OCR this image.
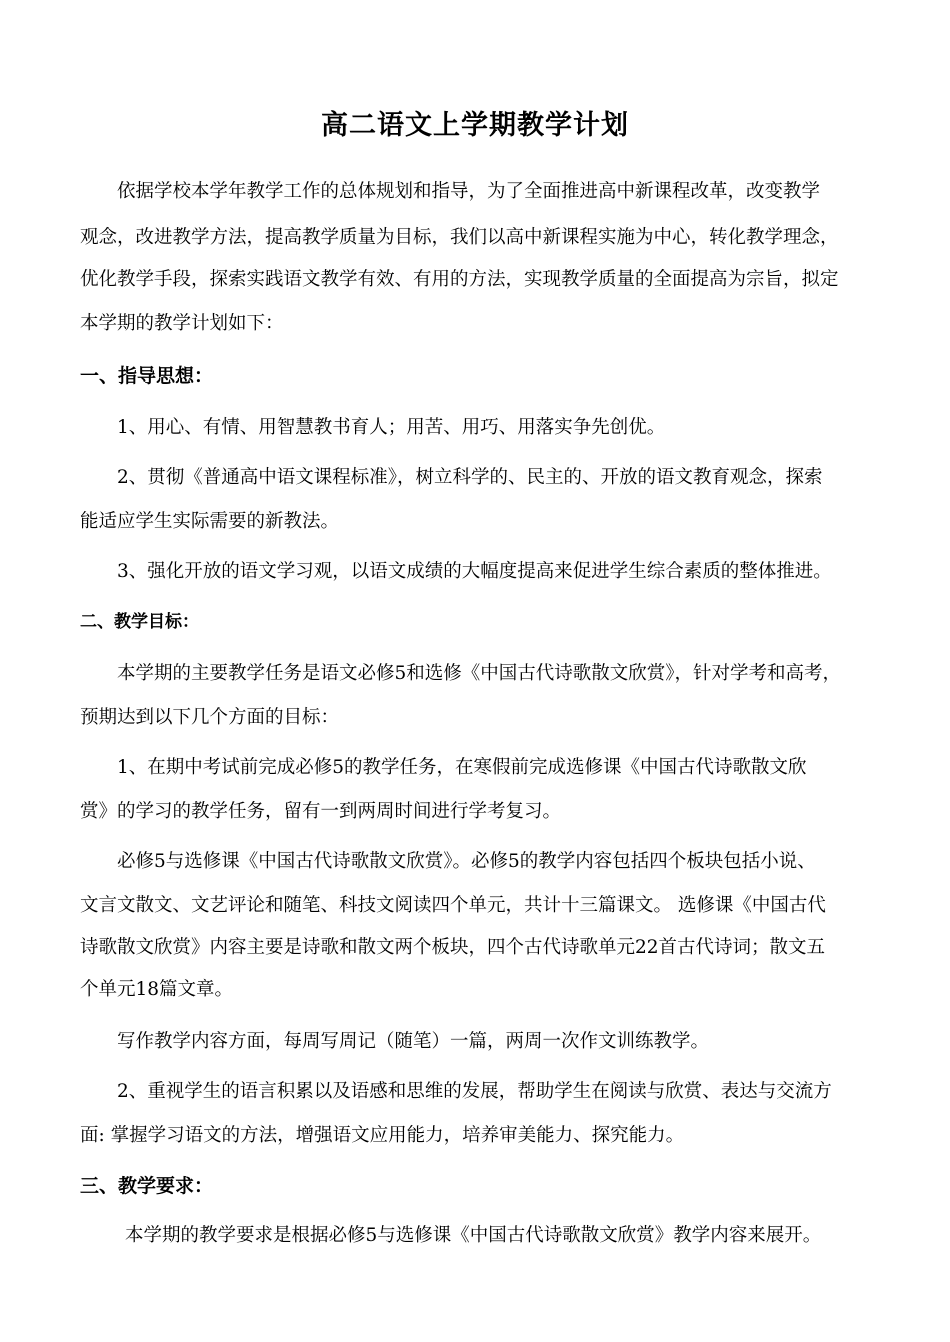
高二语文上学期教学计划
依据学校本学年教学工作的总体规划和指导，为了全面推进高中新课程改革，改变教学
观念，改进教学方法，提高教学质量为目标，我们以高中新课程实施为中心，转化教学理念，
优化教学手段，探索实践语文教学有效、有用的方法，实现教学质量的全面提高为宗旨，拟定
本学期的教学计划如下：
一、指导思想：
1、用心、有情、用智慧教书育人；用苦、用巧、用落实争先创优。
2、贯彻《普通高中语文课程标准》，树立科学的、民主的、开放的语文教育观念，探索
能适应学生实际需要的新教法。
3、强化开放的语文学习观，以语文成绩的大幅度提高来促进学生综合素质的整体推进。
二、教学目标：
本学期的主要教学任务是语文必修5和选修《中国古代诗歌散文欣赏》，针对学考和高考，
预期达到以下几个方面的目标：
1、在期中考试前完成必修5的教学任务，在寒假前完成选修课《中国古代诗歌散文欣
赏》的学习的教学任务，留有一到两周时间进行学考复习。
必修5与选修课《中国古代诗歌散文欣赏》。必修5的教学内容包括四个板块包括小说、
文言文散文、文艺评论和随笔、科技文阅读四个单元，共计十三篇课文。 选修课《中国古代
诗歌散文欣赏》内容主要是诗歌和散文两个板块，四个古代诗歌单元22首古代诗词；散文五
个单元18篇文章。
写作教学内容方面，每周写周记（随笔）一篇，两周一次作文训练教学。
2、重视学生的语言积累以及语感和思维的发展，帮助学生在阅读与欣赏、表达与交流方
面: 掌握学习语文的方法，增强语文应用能力，培养审美能力、探究能力。
三、教学要求：
本学期的教学要求是根据必修5与选修课《中国古代诗歌散文欣赏》教学内容来展开。
